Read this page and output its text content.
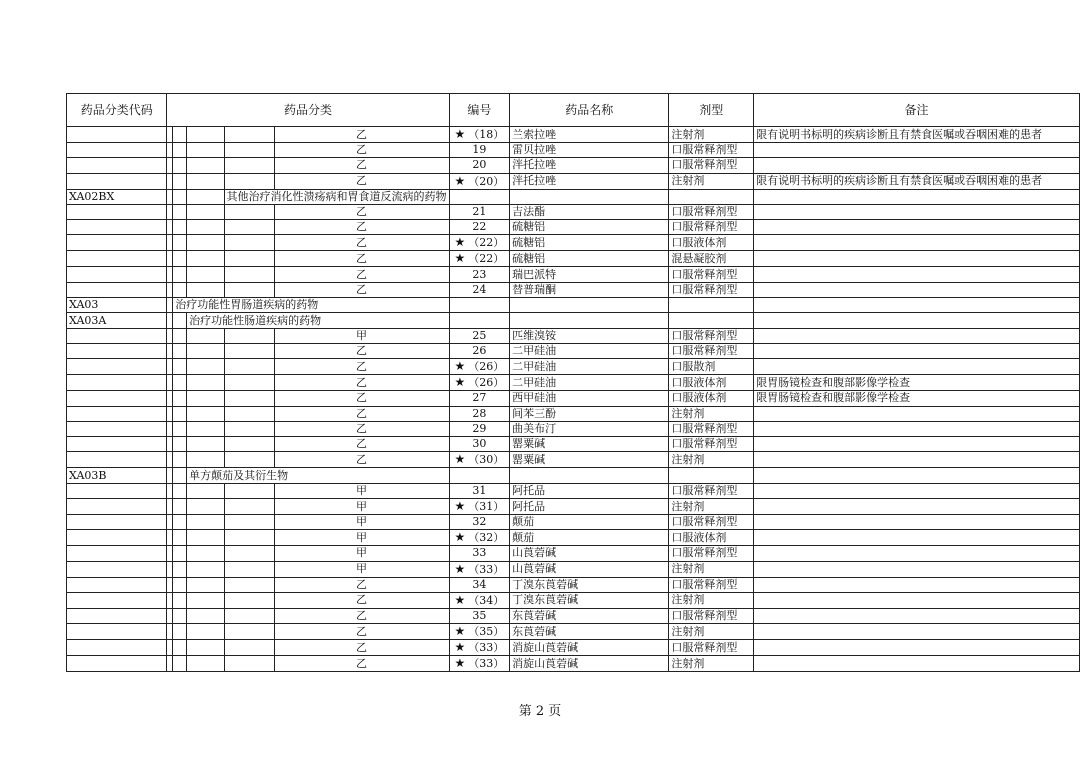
药品分类代码	药品分类					编号	药品名称	剂型	备注
					乙	★ （18）	兰索拉唑	注射剂	限有说明书标明的疾病诊断且有禁食医嘱或吞咽困难的患者
					乙	19	雷贝拉唑	口服常释剂型	
					乙	20	泮托拉唑	口服常释剂型	
					乙	★ （20）	泮托拉唑	注射剂	限有说明书标明的疾病诊断且有禁食医嘱或吞咽困难的患者
XA02BX				其他治疗消化性溃疡病和胃食道反流病的药物					
					乙	21	吉法酯	口服常释剂型	
					乙	22	硫糖铝	口服常释剂型	
					乙	★ （22）	硫糖铝	口服液体剂	
					乙	★ （22）	硫糖铝	混悬凝胶剂	
					乙	23	瑞巴派特	口服常释剂型	
					乙	24	替普瑞酮	口服常释剂型	
XA03		治疗功能性胃肠道疾病的药物							
XA03A			治疗功能性肠道疾病的药物						
					甲	25	匹维溴铵	口服常释剂型	
					乙	26	二甲硅油	口服常释剂型	
					乙	★ （26）	二甲硅油	口服散剂	
					乙	★ （26）	二甲硅油	口服液体剂	限胃肠镜检查和腹部影像学检查
					乙	27	西甲硅油	口服液体剂	限胃肠镜检查和腹部影像学检查
					乙	28	间苯三酚	注射剂	
					乙	29	曲美布汀	口服常释剂型	
					乙	30	罂粟碱	口服常释剂型	
					乙	★ （30）	罂粟碱	注射剂	
XA03B			单方颠茄及其衍生物						
					甲	31	阿托品	口服常释剂型	
					甲	★ （31）	阿托品	注射剂	
					甲	32	颠茄	口服常释剂型	
					甲	★ （32）	颠茄	口服液体剂	
					甲	33	山莨菪碱	口服常释剂型	
					甲	★ （33）	山莨菪碱	注射剂	
					乙	34	丁溴东莨菪碱	口服常释剂型	
					乙	★ （34）	丁溴东莨菪碱	注射剂	
					乙	35	东莨菪碱	口服常释剂型	
					乙	★ （35）	东莨菪碱	注射剂	
					乙	★ （33）	消旋山莨菪碱	口服常释剂型	
					乙	★ （33）	消旋山莨菪碱	注射剂	
第 2 页
